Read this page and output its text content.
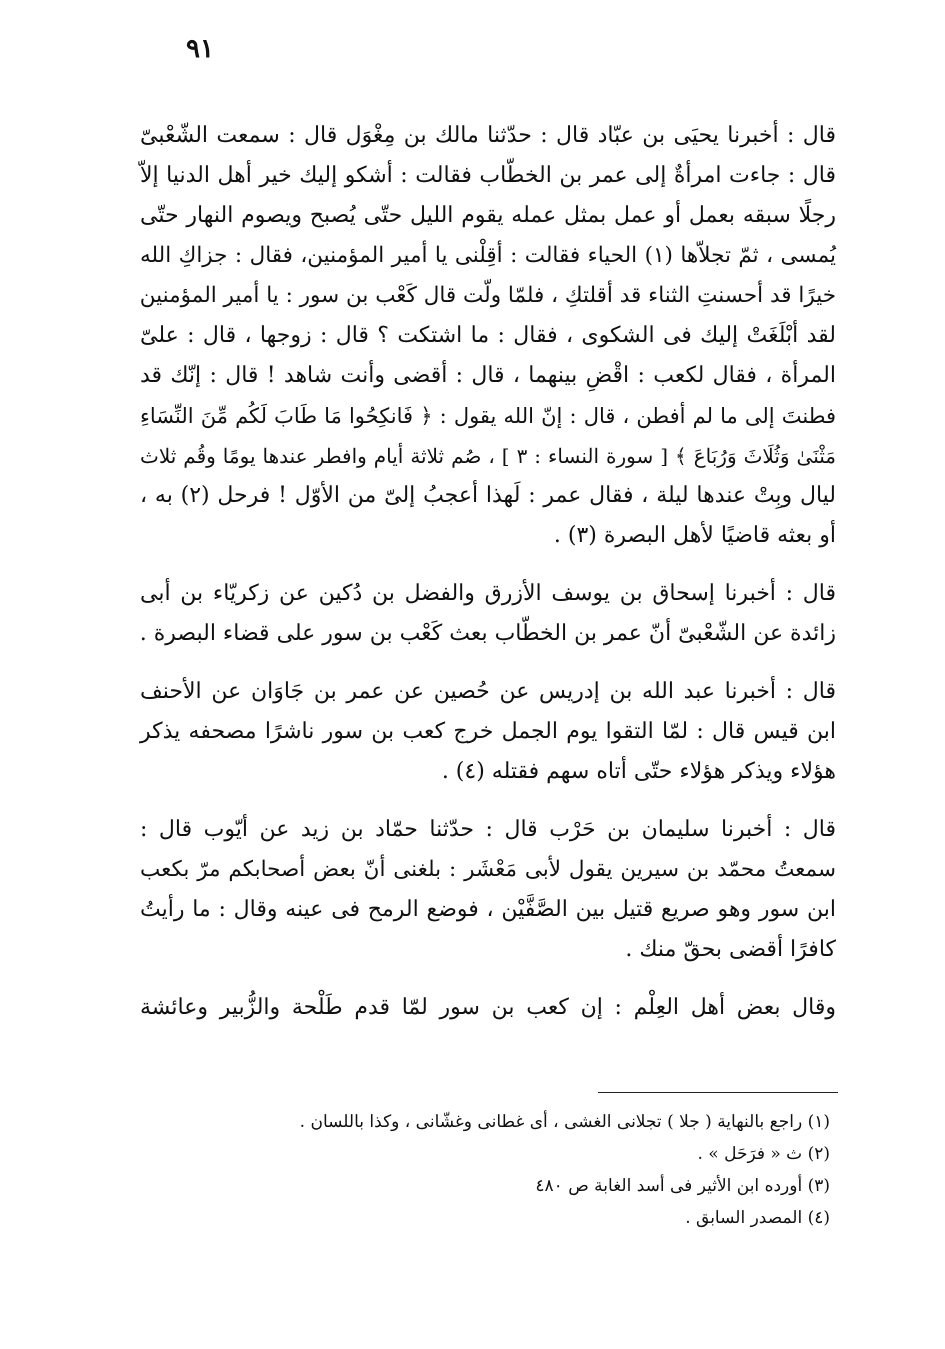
٩١
قال : أخبرنا يحيَى بن عبّاد قال : حدّثنا مالك بن مِغْوَل قال : سمعت الشّعْبىّ
قال : جاءت امرأةٌ إلى عمر بن الخطّاب فقالت : أشكو إليك خير أهل الدنيا إلاّ
رجلًا سبقه بعمل أو عمل بمثل عمله يقوم الليل حتّى يُصبح ويصوم النهار حتّى
يُمسى ، ثمّ تجلاّها (١) الحياء فقالت : أقِلْنى يا أمير المؤمنين، فقال : جزاكِ الله
خيرًا قد أحسنتِ الثناء قد أقلتكِ ، فلمّا ولّت قال كَعْب بن سور : يا أمير المؤمنين
لقد أبْلَغَتْ إليك فى الشكوى ، فقال : ما اشتكت ؟ قال : زوجها ، قال : علىّ
المرأة ، فقال لكعب : اقْضِ بينهما ، قال : أقضى وأنت شاهد ! قال : إنّك قد
فطنتَ إلى ما لم أفطن ، قال : إنّ الله يقول : ﴿ فَانكِحُوا مَا طَابَ لَكُم مِّنَ النِّسَاءِ
مَثْنَىٰ وَثُلَاثَ وَرُبَاعَ ﴾ [ سورة النساء : ٣ ] ، صُم ثلاثة أيام وافطر عندها يومًا وقُم ثلاث
ليال وبِتْ عندها ليلة ، فقال عمر : لَهذا أعجبُ إلىّ من الأوّل ! فرحل (٢) به ،
أو بعثه قاضيًا لأهل البصرة (٣) .
قال : أخبرنا إسحاق بن يوسف الأزرق والفضل بن دُكين عن زكريّاء بن أبى
زائدة عن الشّعْبىّ أنّ عمر بن الخطّاب بعث كَعْب بن سور على قضاء البصرة .
قال : أخبرنا عبد الله بن إدريس عن حُصين عن عمر بن جَاوَان عن الأحنف
ابن قيس قال : لمّا التقوا يوم الجمل خرج كعب بن سور ناشرًا مصحفه يذكر
هؤلاء ويذكر هؤلاء حتّى أتاه سهم فقتله (٤) .
قال : أخبرنا سليمان بن حَرْب قال : حدّثنا حمّاد بن زيد عن أيّوب قال :
سمعتُ محمّد بن سيرين يقول لأبى مَعْشَر : بلغنى أنّ بعض أصحابكم مرّ بكعب
ابن سور وهو صريع قتيل بين الصَّفَّيْن ، فوضع الرمح فى عينه وقال : ما رأيتُ
كافرًا أقضى بحقّ منك .
وقال بعض أهل العِلْم : إن كعب بن سور لمّا قدم طَلْحة والزُّبير وعائشة
(١) راجع بالنهاية ( جلا ) تجلانى الغشى ، أى غطانى وغشّانى ، وكذا باللسان .
(٢) ث « فرَحَل » .
(٣) أورده ابن الأثير فى أسد الغابة ص ٤٨٠
(٤) المصدر السابق .
